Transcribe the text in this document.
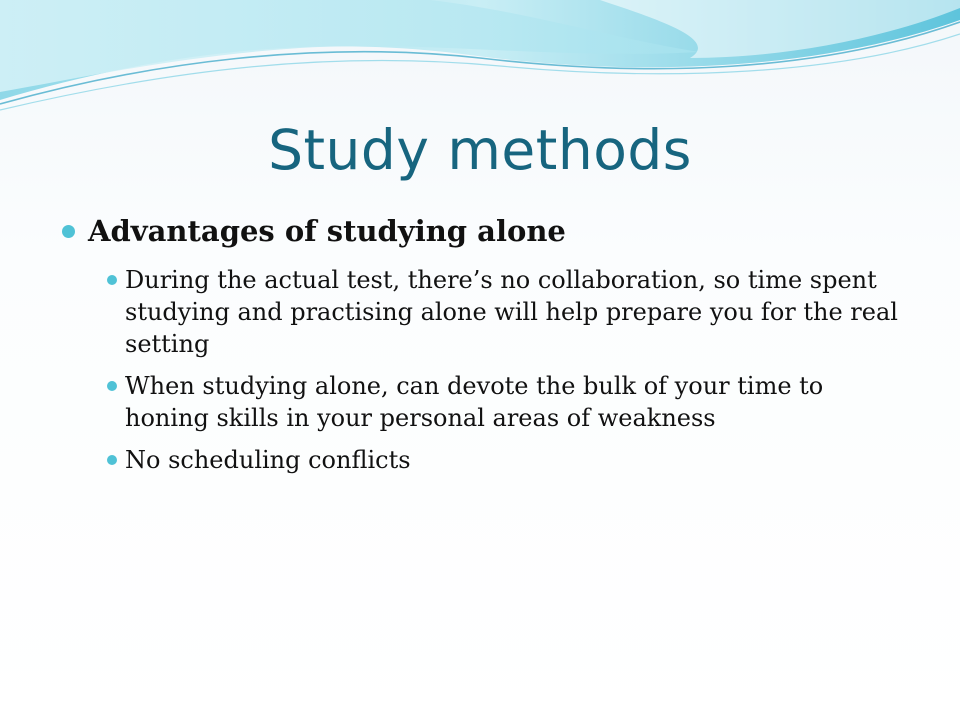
Study methods
Advantages of studying alone
During the actual test, there’s no collaboration, so time spent studying and practising alone will help prepare you for the real setting
When studying alone, can devote the bulk of your time to honing skills in your personal areas of weakness
No scheduling conflicts
